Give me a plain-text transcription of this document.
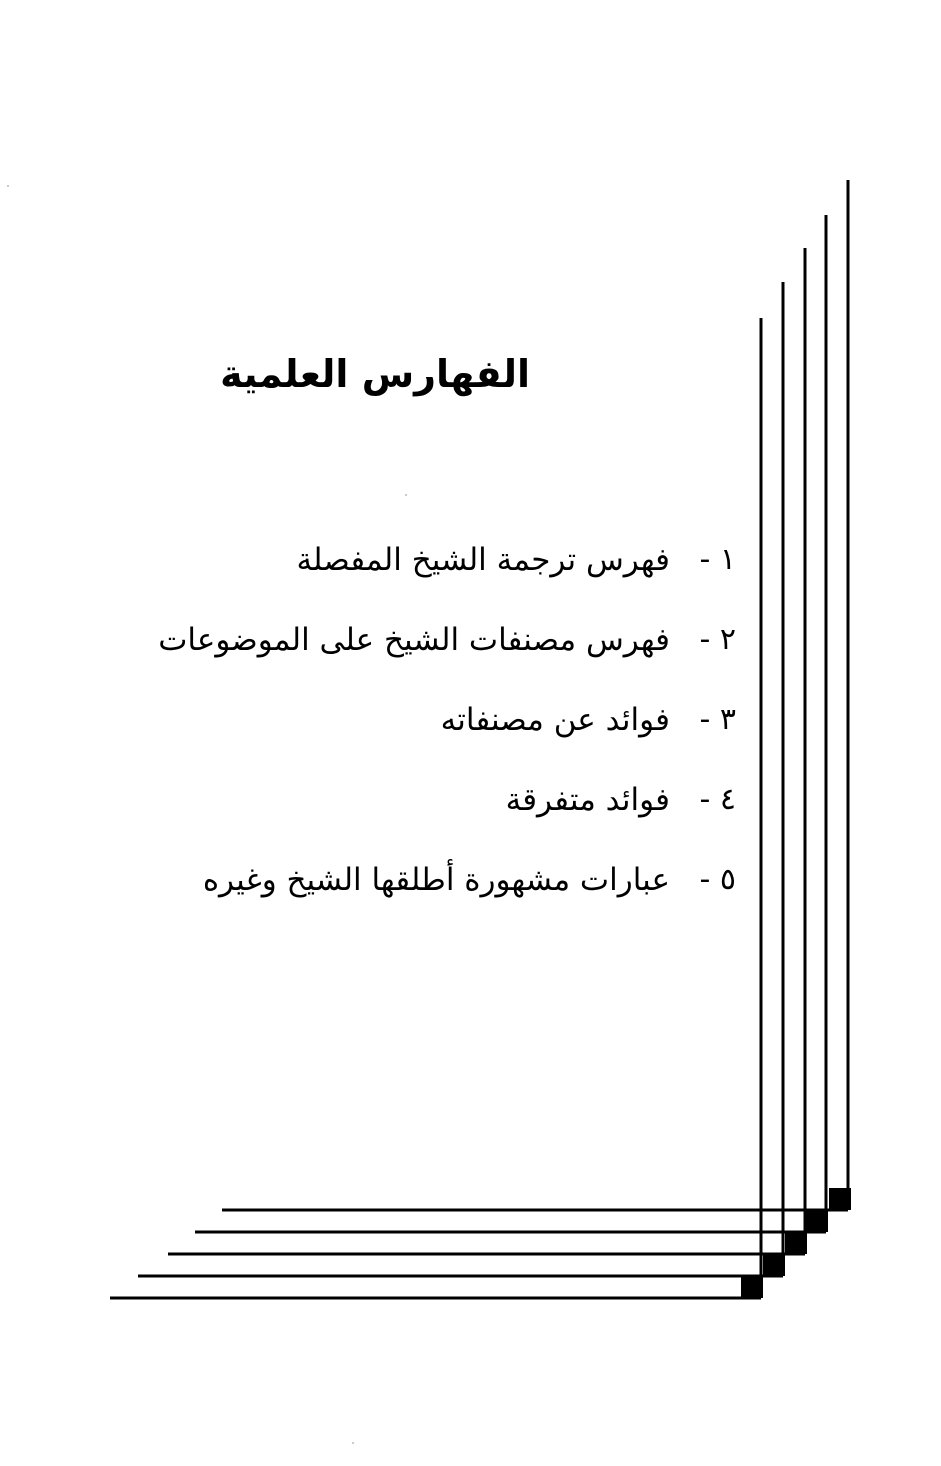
الفهارس العلمية
١ -
فهرس ترجمة الشيخ المفصلة
٢ -
فهرس مصنفات الشيخ على الموضوعات
٣ -
فوائد عن مصنفاته
٤ -
فوائد متفرقة
٥ -
عبارات مشهورة أطلقها الشيخ وغيره
